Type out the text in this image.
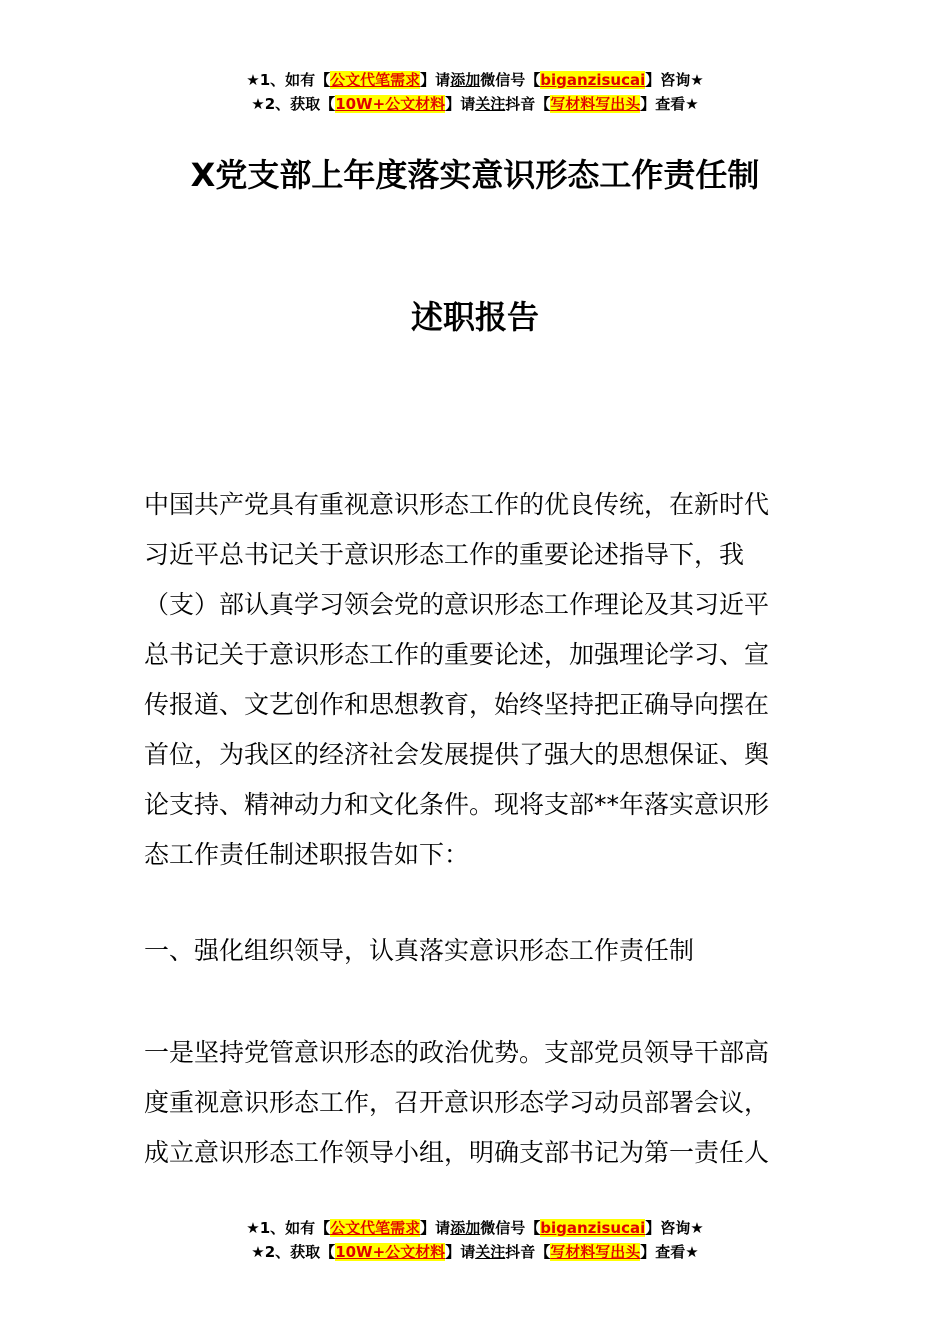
★1、如有【公文代笔需求】请添加微信号【biganzisucai】咨询★
★2、获取【10W+公文材料】请关注抖音【写材料写出头】查看★
X党支部上年度落实意识形态工作责任制
述职报告
中国共产党具有重视意识形态工作的优良传统，在新时代
习近平总书记关于意识形态工作的重要论述指导下，我
（支）部认真学习领会党的意识形态工作理论及其习近平
总书记关于意识形态工作的重要论述，加强理论学习、宣
传报道、文艺创作和思想教育，始终坚持把正确导向摆在
首位，为我区的经济社会发展提供了强大的思想保证、舆
论支持、精神动力和文化条件。现将支部**年落实意识形
态工作责任制述职报告如下：
一、强化组织领导，认真落实意识形态工作责任制
一是坚持党管意识形态的政治优势。支部党员领导干部高
度重视意识形态工作，召开意识形态学习动员部署会议，
成立意识形态工作领导小组，明确支部书记为第一责任人
★1、如有【公文代笔需求】请添加微信号【biganzisucai】咨询★
★2、获取【10W+公文材料】请关注抖音【写材料写出头】查看★
